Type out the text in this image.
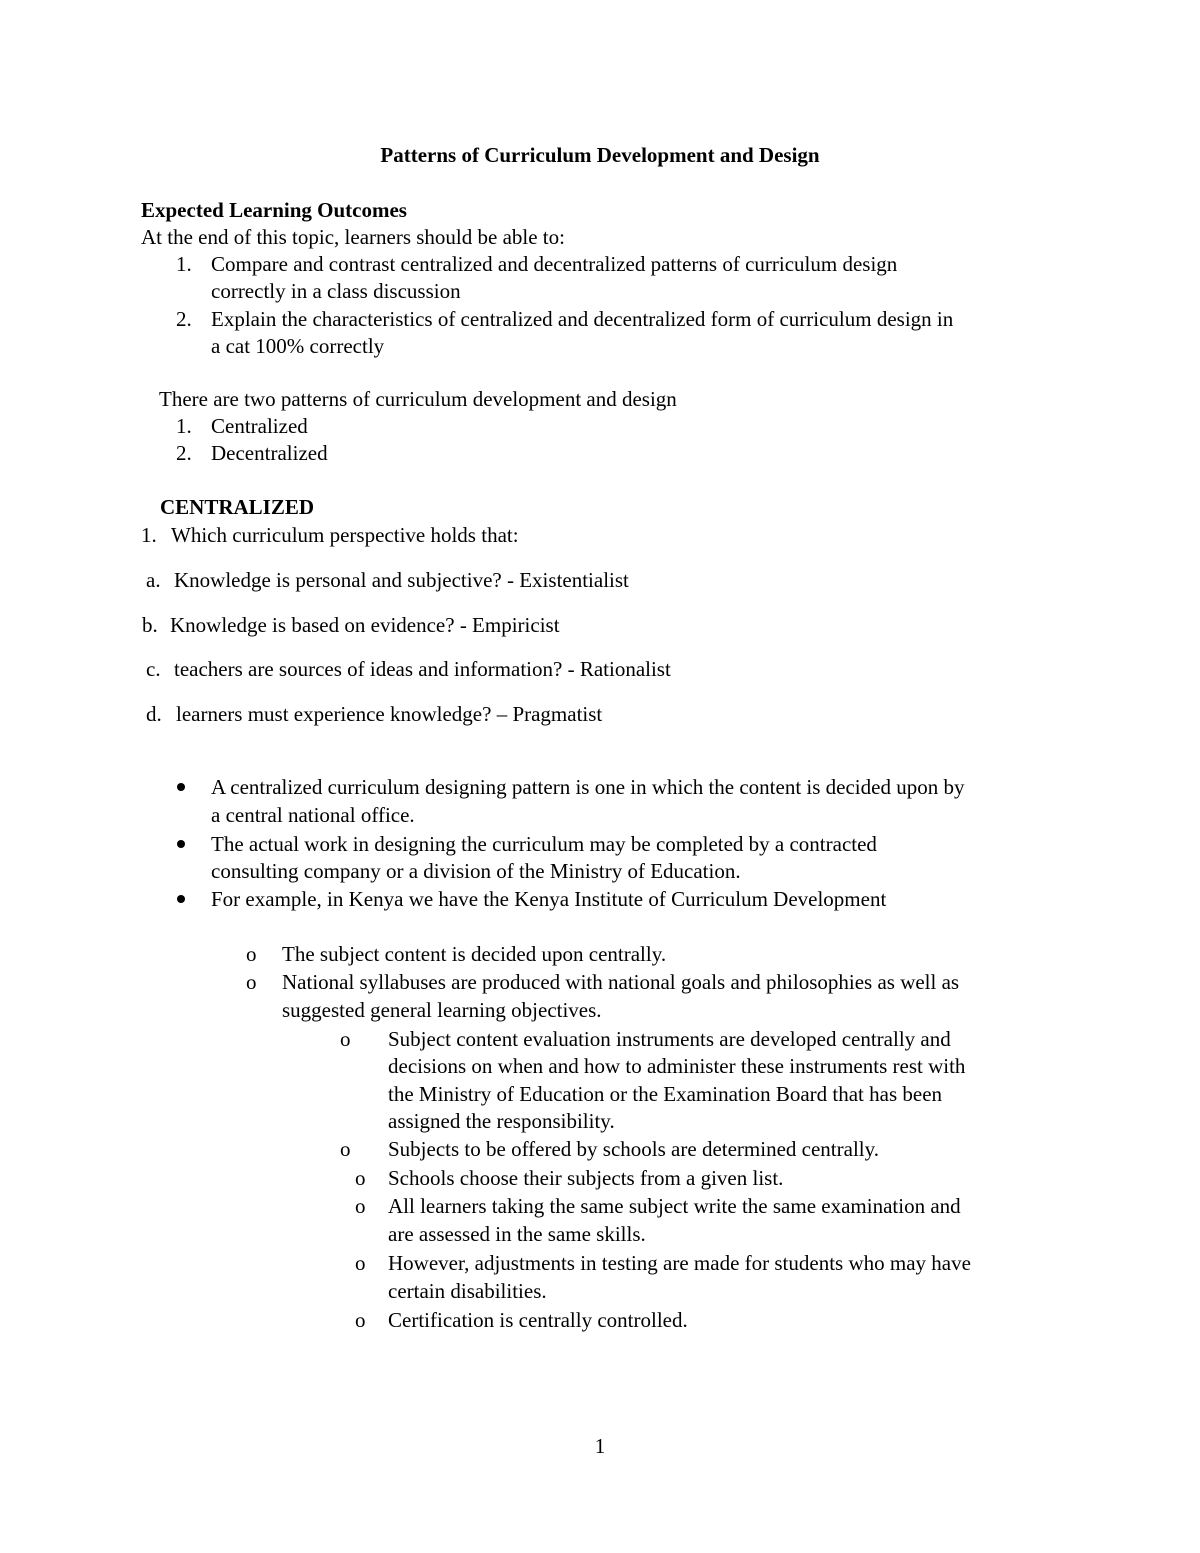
Patterns of Curriculum Development and Design
Expected Learning Outcomes
At the end of this topic, learners should be able to:
1. Compare and contrast centralized and decentralized patterns of curriculum design
correctly in a class discussion
2. Explain the characteristics of centralized and decentralized form of curriculum design in
a cat 100% correctly
There are two patterns of curriculum development and design
1. Centralized
2. Decentralized
CENTRALIZED
1. Which curriculum perspective holds that:
a. Knowledge is personal and subjective? - Existentialist
b. Knowledge is based on evidence? - Empiricist
c. teachers are sources of ideas and information? - Rationalist
d. learners must experience knowledge? – Pragmatist
A centralized curriculum designing pattern is one in which the content is decided upon by
a central national office.
The actual work in designing the curriculum may be completed by a contracted
consulting company or a division of the Ministry of Education.
For example, in Kenya we have the Kenya Institute of Curriculum Development
o The subject content is decided upon centrally.
o National syllabuses are produced with national goals and philosophies as well as
suggested general learning objectives.
o Subject content evaluation instruments are developed centrally and
decisions on when and how to administer these instruments rest with
the Ministry of Education or the Examination Board that has been
assigned the responsibility.
o Subjects to be offered by schools are determined centrally.
o Schools choose their subjects from a given list.
o All learners taking the same subject write the same examination and
are assessed in the same skills.
o However, adjustments in testing are made for students who may have
certain disabilities.
o Certification is centrally controlled.
1
